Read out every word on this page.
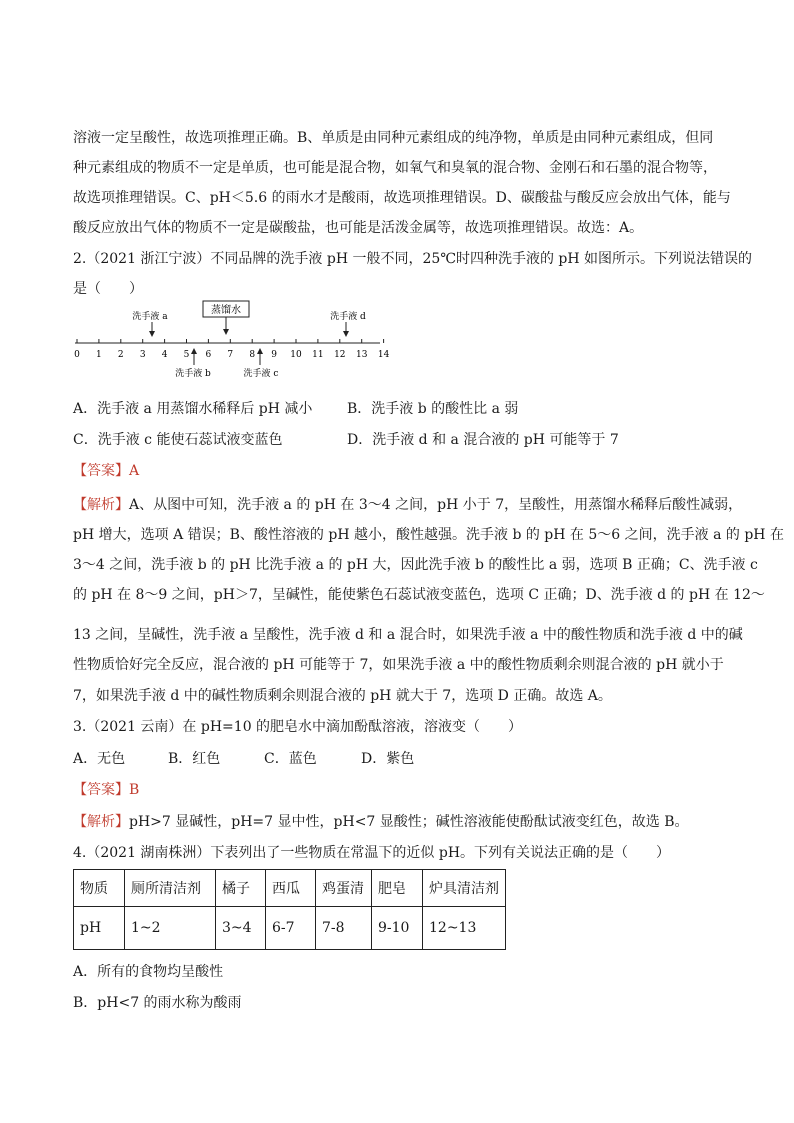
溶液一定呈酸性，故选项推理正确。B、单质是由同种元素组成的纯净物，单质是由同种元素组成，但同
种元素组成的物质不一定是单质，也可能是混合物，如氧气和臭氧的混合物、金刚石和石墨的混合物等，
故选项推理错误。C、pH＜5.6 的雨水才是酸雨，故选项推理错误。D、碳酸盐与酸反应会放出气体，能与
酸反应放出气体的物质不一定是碳酸盐，也可能是活泼金属等，故选项推理错误。故选：A。
2.（2021 浙江宁波）不同品牌的洗手液 pH 一般不同，25℃时四种洗手液的 pH 如图所示。下列说法错误的
是（　　）
蒸馏水
洗手液 a	洗手液 d
0 1 2 3 4 5 6 7 8 9 10 11 12 13 14
洗手液 b	洗手液 c
A．洗手液 a 用蒸馏水稀释后 pH 减小 B．洗手液 b 的酸性比 a 弱
C．洗手液 c 能使石蕊试液变蓝色	D．洗手液 d 和 a 混合液的 pH 可能等于 7
【答案】A
【解析】A、从图中可知，洗手液 a 的 pH 在 3～4 之间，pH 小于 7，呈酸性，用蒸馏水稀释后酸性减弱，
pH 增大，选项 A 错误；B、酸性溶液的 pH 越小，酸性越强。洗手液 b 的 pH 在 5～6 之间，洗手液 a 的 pH 在
3～4 之间，洗手液 b 的 pH 比洗手液 a 的 pH 大，因此洗手液 b 的酸性比 a 弱，选项 B 正确；C、洗手液 c
的 pH 在 8～9 之间，pH＞7，呈碱性，能使紫色石蕊试液变蓝色，选项 C 正确；D、洗手液 d 的 pH 在 12～
13 之间，呈碱性，洗手液 a 呈酸性，洗手液 d 和 a 混合时，如果洗手液 a 中的酸性物质和洗手液 d 中的碱
性物质恰好完全反应，混合液的 pH 可能等于 7，如果洗手液 a 中的酸性物质剩余则混合液的 pH 就小于
7，如果洗手液 d 中的碱性物质剩余则混合液的 pH 就大于 7，选项 D 正确。故选 A。
3.（2021 云南）在 pH=10 的肥皂水中滴加酚酞溶液，溶液变（　　）
A．无色	B．红色	C．蓝色	D．紫色
【答案】B
【解析】pH>7 显碱性，pH=7 显中性，pH<7 显酸性；碱性溶液能使酚酞试液变红色，故选 B。
4.（2021 湖南株洲）下表列出了一些物质在常温下的近似 pH。下列有关说法正确的是（　　）
物质	厕所清洁剂	橘子	西瓜	鸡蛋清	肥皂	炉具清洁剂
pH	1~2	3~4	6-7	7-8	9-10	12~13
A．所有的食物均呈酸性
B．pH<7 的雨水称为酸雨
